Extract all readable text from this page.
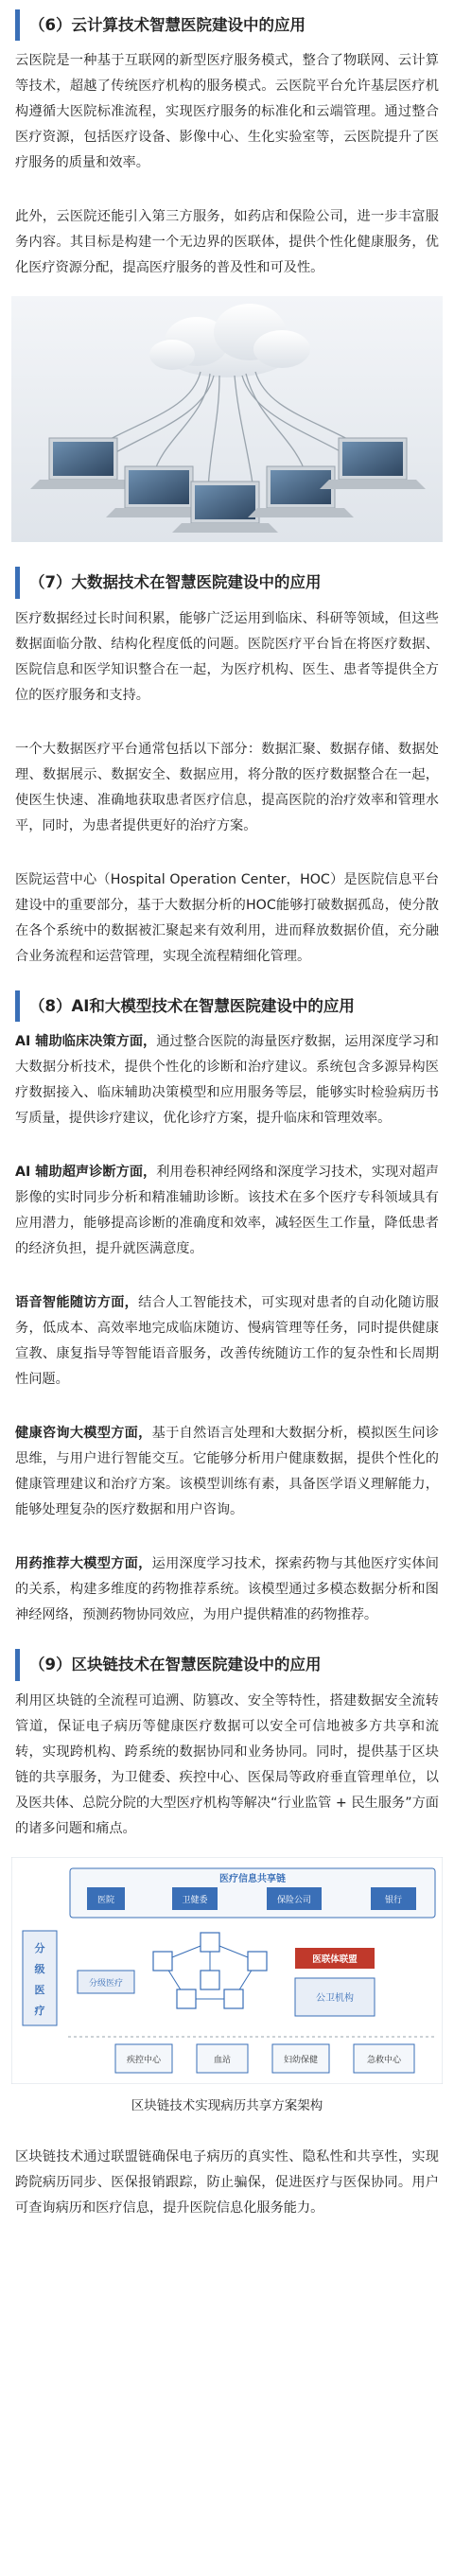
（6）云计算技术智慧医院建设中的应用
云医院是一种基于互联网的新型医疗服务模式，整合了物联网、云计算等技术，超越了传统医疗机构的服务模式。云医院平台允许基层医疗机构遵循大医院标准流程，实现医疗服务的标准化和云端管理。通过整合医疗资源，包括医疗设备、影像中心、生化实验室等，云医院提升了医疗服务的质量和效率。
此外，云医院还能引入第三方服务，如药店和保险公司，进一步丰富服务内容。其目标是构建一个无边界的医联体，提供个性化健康服务，优化医疗资源分配，提高医疗服务的普及性和可及性。
（7）大数据技术在智慧医院建设中的应用
医疗数据经过长时间积累，能够广泛运用到临床、科研等领域，但这些数据面临分散、结构化程度低的问题。医院医疗平台旨在将医疗数据、医院信息和医学知识整合在一起，为医疗机构、医生、患者等提供全方位的医疗服务和支持。
一个大数据医疗平台通常包括以下部分：数据汇聚、数据存储、数据处理、数据展示、数据安全、数据应用，将分散的医疗数据整合在一起，使医生快速、准确地获取患者医疗信息，提高医院的治疗效率和管理水平，同时，为患者提供更好的治疗方案。
医院运营中心（Hospital Operation Center，HOC）是医院信息平台建设中的重要部分，基于大数据分析的HOC能够打破数据孤岛，使分散在各个系统中的数据被汇聚起来有效利用，进而释放数据价值，充分融合业务流程和运营管理，实现全流程精细化管理。
（8）AI和大模型技术在智慧医院建设中的应用
AI 辅助临床决策方面，通过整合医院的海量医疗数据，运用深度学习和大数据分析技术，提供个性化的诊断和治疗建议。系统包含多源异构医疗数据接入、临床辅助决策模型和应用服务等层，能够实时检验病历书写质量，提供诊疗建议，优化诊疗方案，提升临床和管理效率。
AI 辅助超声诊断方面，利用卷积神经网络和深度学习技术，实现对超声影像的实时同步分析和精准辅助诊断。该技术在多个医疗专科领域具有应用潜力，能够提高诊断的准确度和效率，减轻医生工作量，降低患者的经济负担，提升就医满意度。
语音智能随访方面，结合人工智能技术，可实现对患者的自动化随访服务，低成本、高效率地完成临床随访、慢病管理等任务，同时提供健康宣教、康复指导等智能语音服务，改善传统随访工作的复杂性和长周期性问题。
健康咨询大模型方面，基于自然语言处理和大数据分析，模拟医生问诊思维，与用户进行智能交互。它能够分析用户健康数据，提供个性化的健康管理建议和治疗方案。该模型训练有素，具备医学语义理解能力，能够处理复杂的医疗数据和用户咨询。
用药推荐大模型方面，运用深度学习技术，探索药物与其他医疗实体间的关系，构建多维度的药物推荐系统。该模型通过多模态数据分析和图神经网络，预测药物协同效应，为用户提供精准的药物推荐。
（9）区块链技术在智慧医院建设中的应用
利用区块链的全流程可追溯、防篡改、安全等特性，搭建数据安全流转管道，保证电子病历等健康医疗数据可以安全可信地被多方共享和流转，实现跨机构、跨系统的数据协同和业务协同。同时，提供基于区块链的共享服务，为卫健委、疾控中心、医保局等政府垂直管理单位，以及医共体、总院分院的大型医疗机构等解决“行业监管 + 民生服务”方面的诸多问题和痛点。
医疗信息共享链
医院	卫健委	保险公司	银行
分
级
医
疗
医联体联盟
公卫机构
分级医疗
疾控中心	血站	妇幼保健	急救中心
区块链技术实现病历共享方案架构
区块链技术通过联盟链确保电子病历的真实性、隐私性和共享性，实现跨院病历同步、医保报销跟踪，防止骗保，促进医疗与医保协同。用户可查询病历和医疗信息，提升医院信息化服务能力。
